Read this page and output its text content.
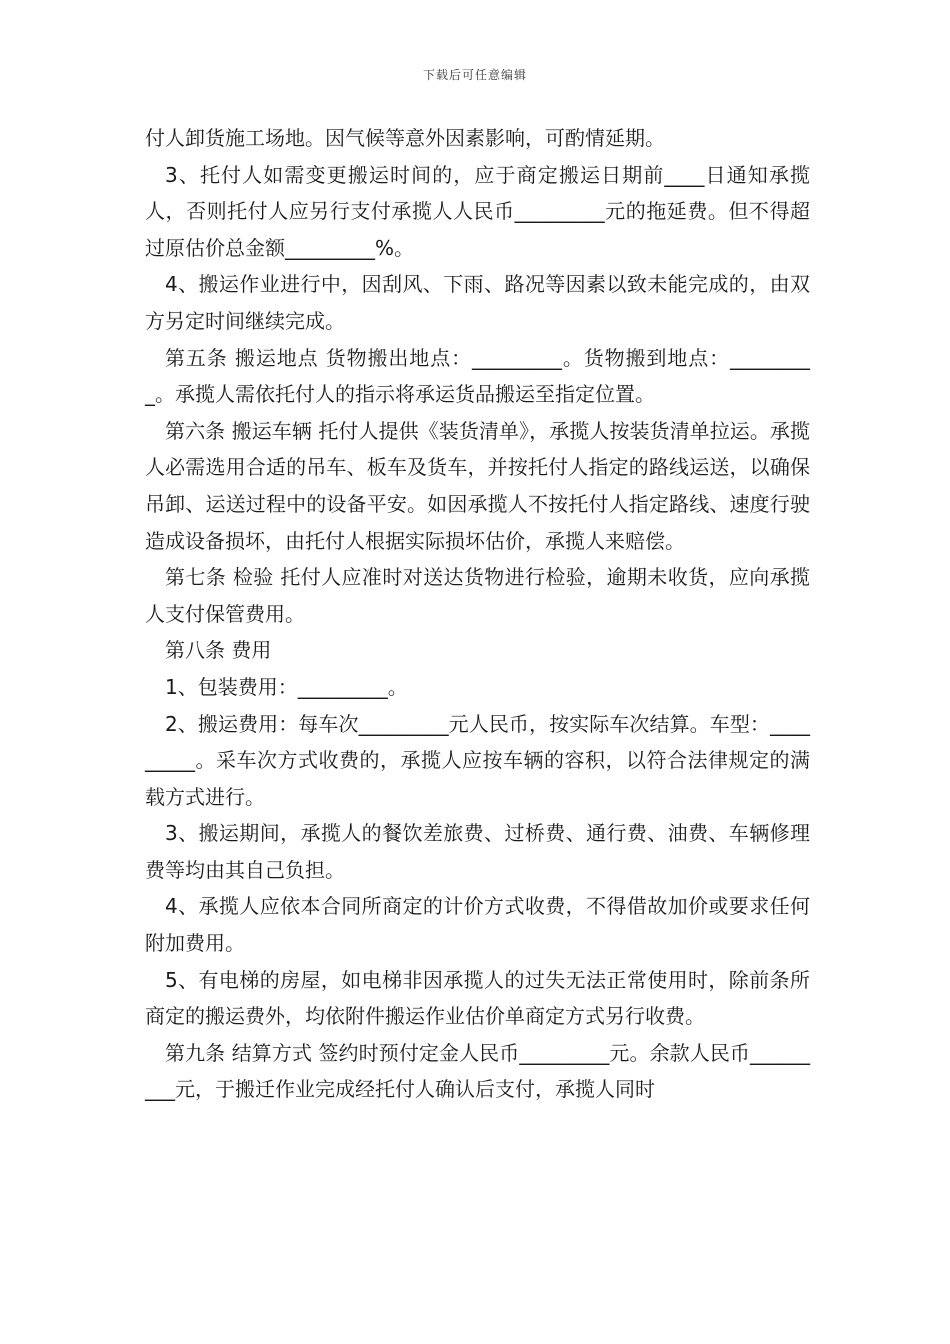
下载后可任意编辑

付人卸货施工场地。因气候等意外因素影响，可酌情延期。

3、托付人如需变更搬运时间的，应于商定搬运日期前____日通知承揽人，否则托付人应另行支付承揽人人民币_________元的拖延费。但不得超过原估价总金额_________%。

4、搬运作业进行中，因刮风、下雨、路况等因素以致未能完成的，由双方另定时间继续完成。

第五条 搬运地点 货物搬出地点：_________。货物搬到地点：_________。承揽人需依托付人的指示将承运货品搬运至指定位置。

第六条 搬运车辆 托付人提供《装货清单》，承揽人按装货清单拉运。承揽人必需选用合适的吊车、板车及货车，并按托付人指定的路线运送，以确保吊卸、运送过程中的设备平安。如因承揽人不按托付人指定路线、速度行驶造成设备损坏，由托付人根据实际损坏估价，承揽人来赔偿。

第七条 检验 托付人应准时对送达货物进行检验，逾期未收货，应向承揽人支付保管费用。

第八条 费用

1、包装费用：_________。

2、搬运费用：每车次_________元人民币，按实际车次结算。车型：_________。采车次方式收费的，承揽人应按车辆的容积，以符合法律规定的满载方式进行。

3、搬运期间，承揽人的餐饮差旅费、过桥费、通行费、油费、车辆修理费等均由其自己负担。

4、承揽人应依本合同所商定的计价方式收费，不得借故加价或要求任何附加费用。

5、有电梯的房屋，如电梯非因承揽人的过失无法正常使用时，除前条所商定的搬运费外，均依附件搬运作业估价单商定方式另行收费。

第九条 结算方式 签约时预付定金人民币_________元。余款人民币_________元，于搬迁作业完成经托付人确认后支付，承揽人同时
